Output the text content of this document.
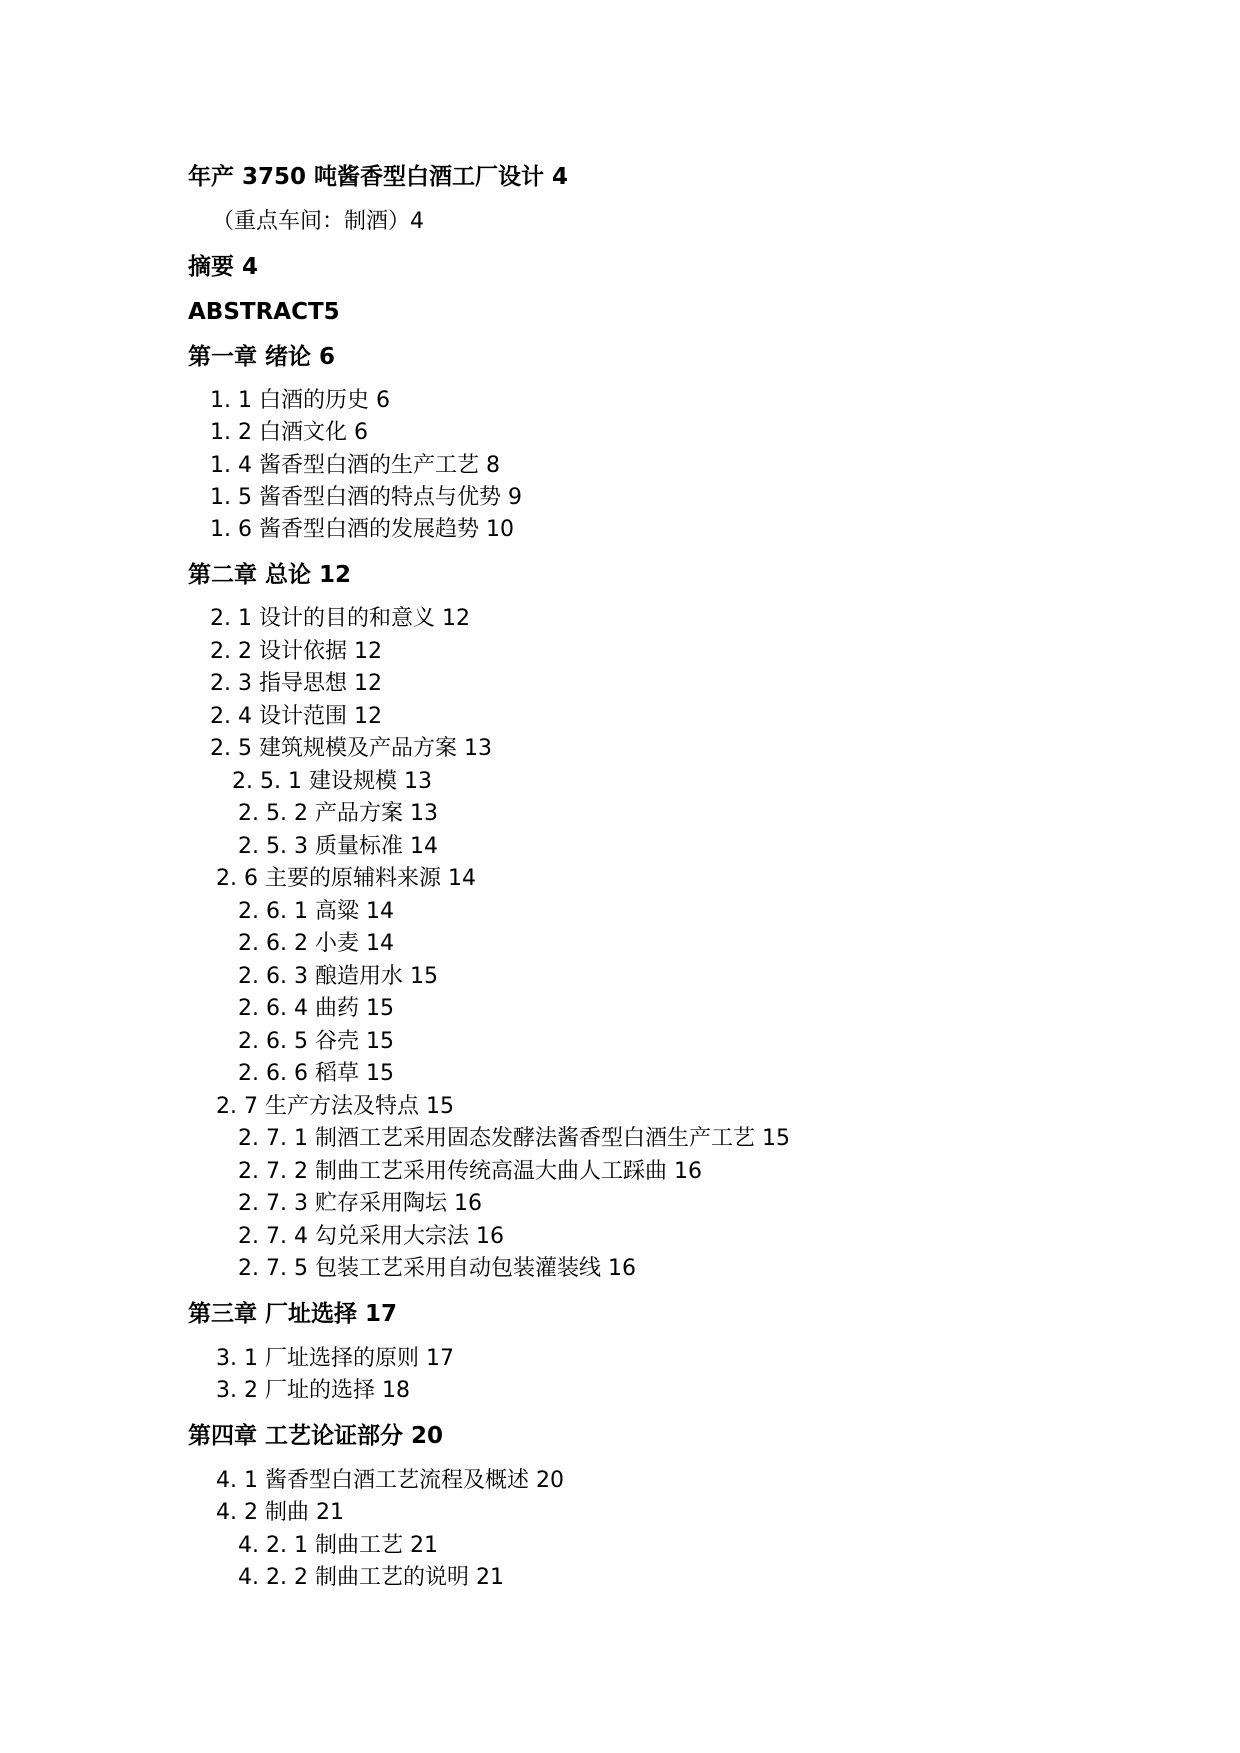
年产 3750 吨酱香型白酒工厂设计 4
（重点车间：制酒）4
摘要 4
ABSTRACT5
第一章 绪论 6
1. 1 白酒的历史 6
1. 2 白酒文化 6
1. 4 酱香型白酒的生产工艺 8
1. 5 酱香型白酒的特点与优势 9
1. 6 酱香型白酒的发展趋势 10
第二章 总论 12
2. 1 设计的目的和意义 12
2. 2 设计依据 12
2. 3 指导思想 12
2. 4 设计范围 12
2. 5 建筑规模及产品方案 13
2. 5. 1 建设规模 13
2. 5. 2 产品方案 13
2. 5. 3 质量标准 14
2. 6 主要的原辅料来源 14
2. 6. 1 高粱 14
2. 6. 2 小麦 14
2. 6. 3 酿造用水 15
2. 6. 4 曲药 15
2. 6. 5 谷壳 15
2. 6. 6 稻草 15
2. 7 生产方法及特点 15
2. 7. 1 制酒工艺采用固态发酵法酱香型白酒生产工艺 15
2. 7. 2 制曲工艺采用传统高温大曲人工踩曲 16
2. 7. 3 贮存采用陶坛 16
2. 7. 4 勾兑采用大宗法 16
2. 7. 5 包装工艺采用自动包装灌装线 16
第三章 厂址选择 17
3. 1 厂址选择的原则 17
3. 2 厂址的选择 18
第四章 工艺论证部分 20
4. 1 酱香型白酒工艺流程及概述 20
4. 2 制曲 21
4. 2. 1 制曲工艺 21
4. 2. 2 制曲工艺的说明 21
